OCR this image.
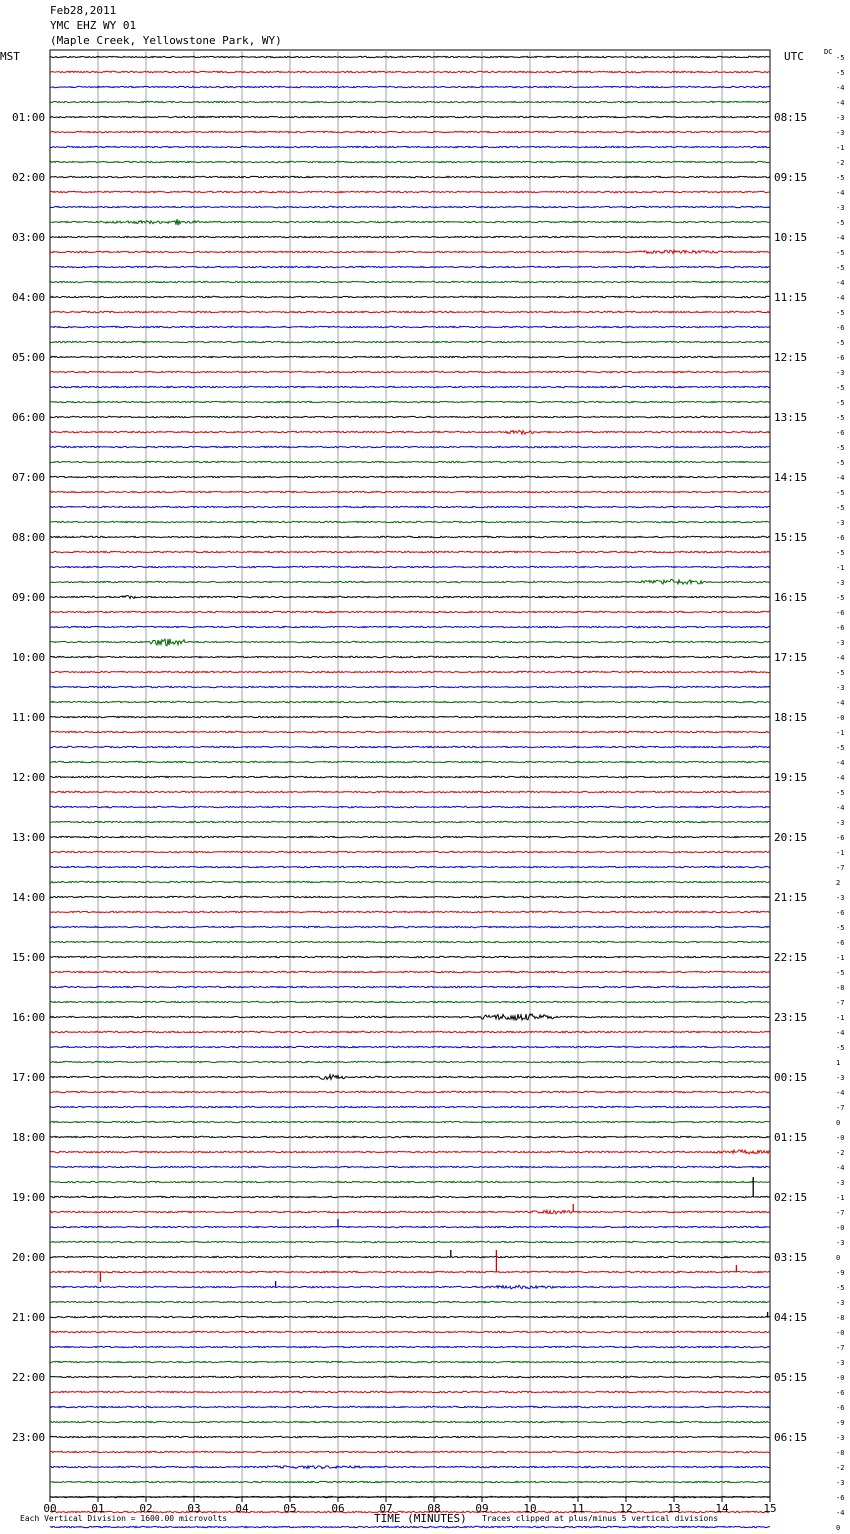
Feb28,2011
YMC EHZ WY 01
(Maple Creek, Yellowstone Park, WY)
MST	UTC	DC
00	01	02	03	04	05	06	07	08	09	10	11	12	13	14	15
-5
-5
-4
-4
-3
-3
-1
-2
-5
-4
-3
-5
-4
-5
-5
-4
-4
-5
-6
-5
-6
-3
-5
-5
-5
-6
-5
-5
-4
-5
-5
-3
-6
-5
-1
-3
-5
-6
-6
-3
-4
-5
-3
-4
-0
-1
-5
-4
-4
-5
-4
-3
-6
-1
-7
2
-3
-6
-5
-6
-1
-5
-8
-7
-1
-4
-5
1
-3
-4
-7
0
-0
-2
-4
-3
-1
-7
-0
-3
0
-9
-5
-3
-8
-0
-7
-3
-0
-6
-6
-9
-3
-8
-2
-3
-6
-4
0
01:00	08:15
02:00	09:15
03:00	10:15
04:00	11:15
05:00	12:15
06:00	13:15
07:00	14:15
08:00	15:15
09:00	16:15
10:00	17:15
11:00	18:15
12:00	19:15
13:00	20:15
14:00	21:15
15:00	22:15
16:00	23:15
17:00	00:15
18:00	01:15
19:00	02:15
20:00	03:15
21:00	04:15
22:00	05:15
23:00	06:15
Each Vertical Division = 1600.00 microvolts	TIME (MINUTES) Traces clipped at plus/minus 5 vertical divisions
